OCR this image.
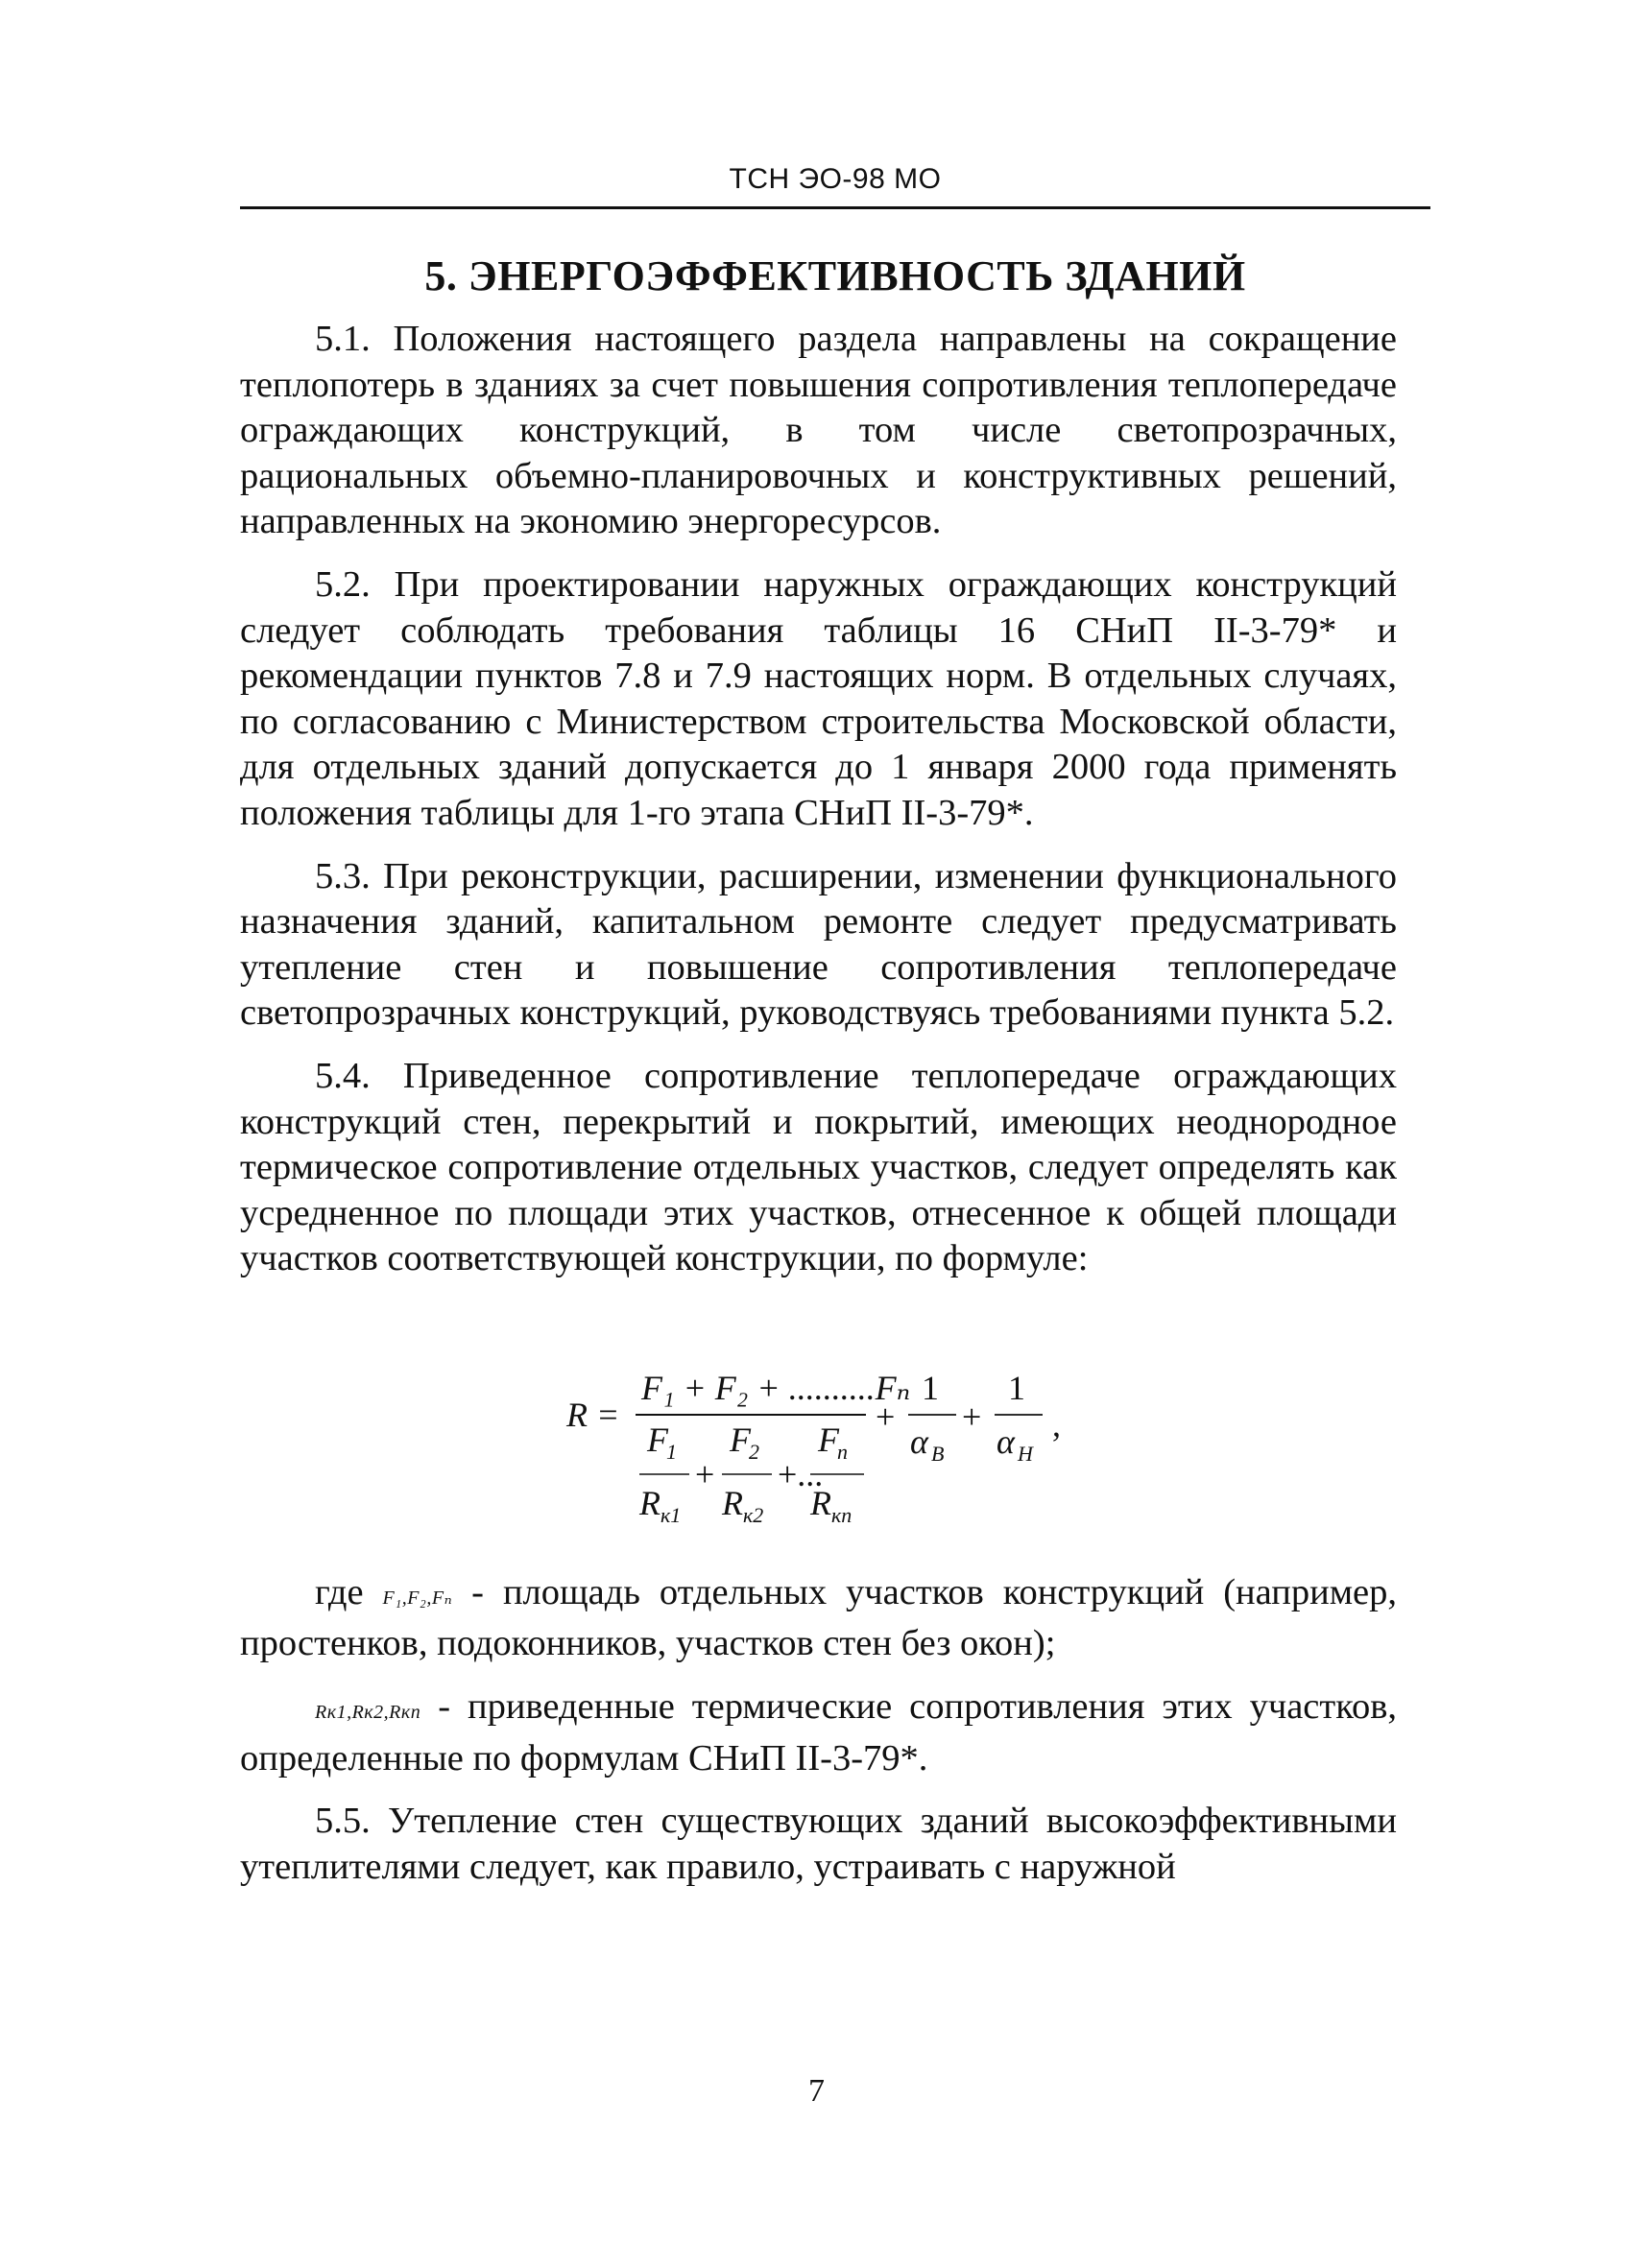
ТСН ЭО-98 МО
5. ЭНЕРГОЭФФЕКТИВНОСТЬ ЗДАНИЙ

5.1. Положения настоящего раздела направлены на сокращение теплопотерь в зданиях за счет повышения сопротивления теплопередаче ограждающих конструкций, в том числе светопрозрачных, рациональных объемно-планировочных и конструктивных решений, направленных на экономию энергоресурсов.

5.2. При проектировании наружных ограждающих конструкций следует соблюдать требования таблицы 16 СНиП II-3-79* и рекомендации пунктов 7.8 и 7.9 настоящих норм. В отдельных случаях, по согласованию с Министерством строительства Московской области, для отдельных зданий допускается до 1 января 2000 года применять положения таблицы для 1-го этапа СНиП II-3-79*.

5.3. При реконструкции, расширении, изменении функционального назначения зданий, капитальном ремонте следует предусматривать утепление стен и повышение сопротивления теплопередаче светопрозрачных конструкций, руководствуясь требованиями пункта 5.2.

5.4. Приведенное сопротивление теплопередаче ограждающих конструкций стен, перекрытий и покрытий, имеющих неоднородное термическое сопротивление отдельных участков, следует определять как усредненное по площади этих участков, отнесенное к общей площади участков соответствующей конструкции, по формуле:

R =
F₁ + F₂ + ..........Fₙ
F
1
R к1
+
F
2
R к2
+...
F
n
R кn
+
1
α В
+
1
α Н
,

где F₁,F₂,Fₙ - площадь отдельных участков конструкций (например, простенков, подоконников, участков стен без окон);

Rк1,Rк2,Rкn - приведенные термические сопротивления этих участков, определенные по формулам СНиП II-3-79*.

5.5. Утепление стен существующих зданий высокоэффективными утеплителями следует, как правило, устраивать с наружной

7
